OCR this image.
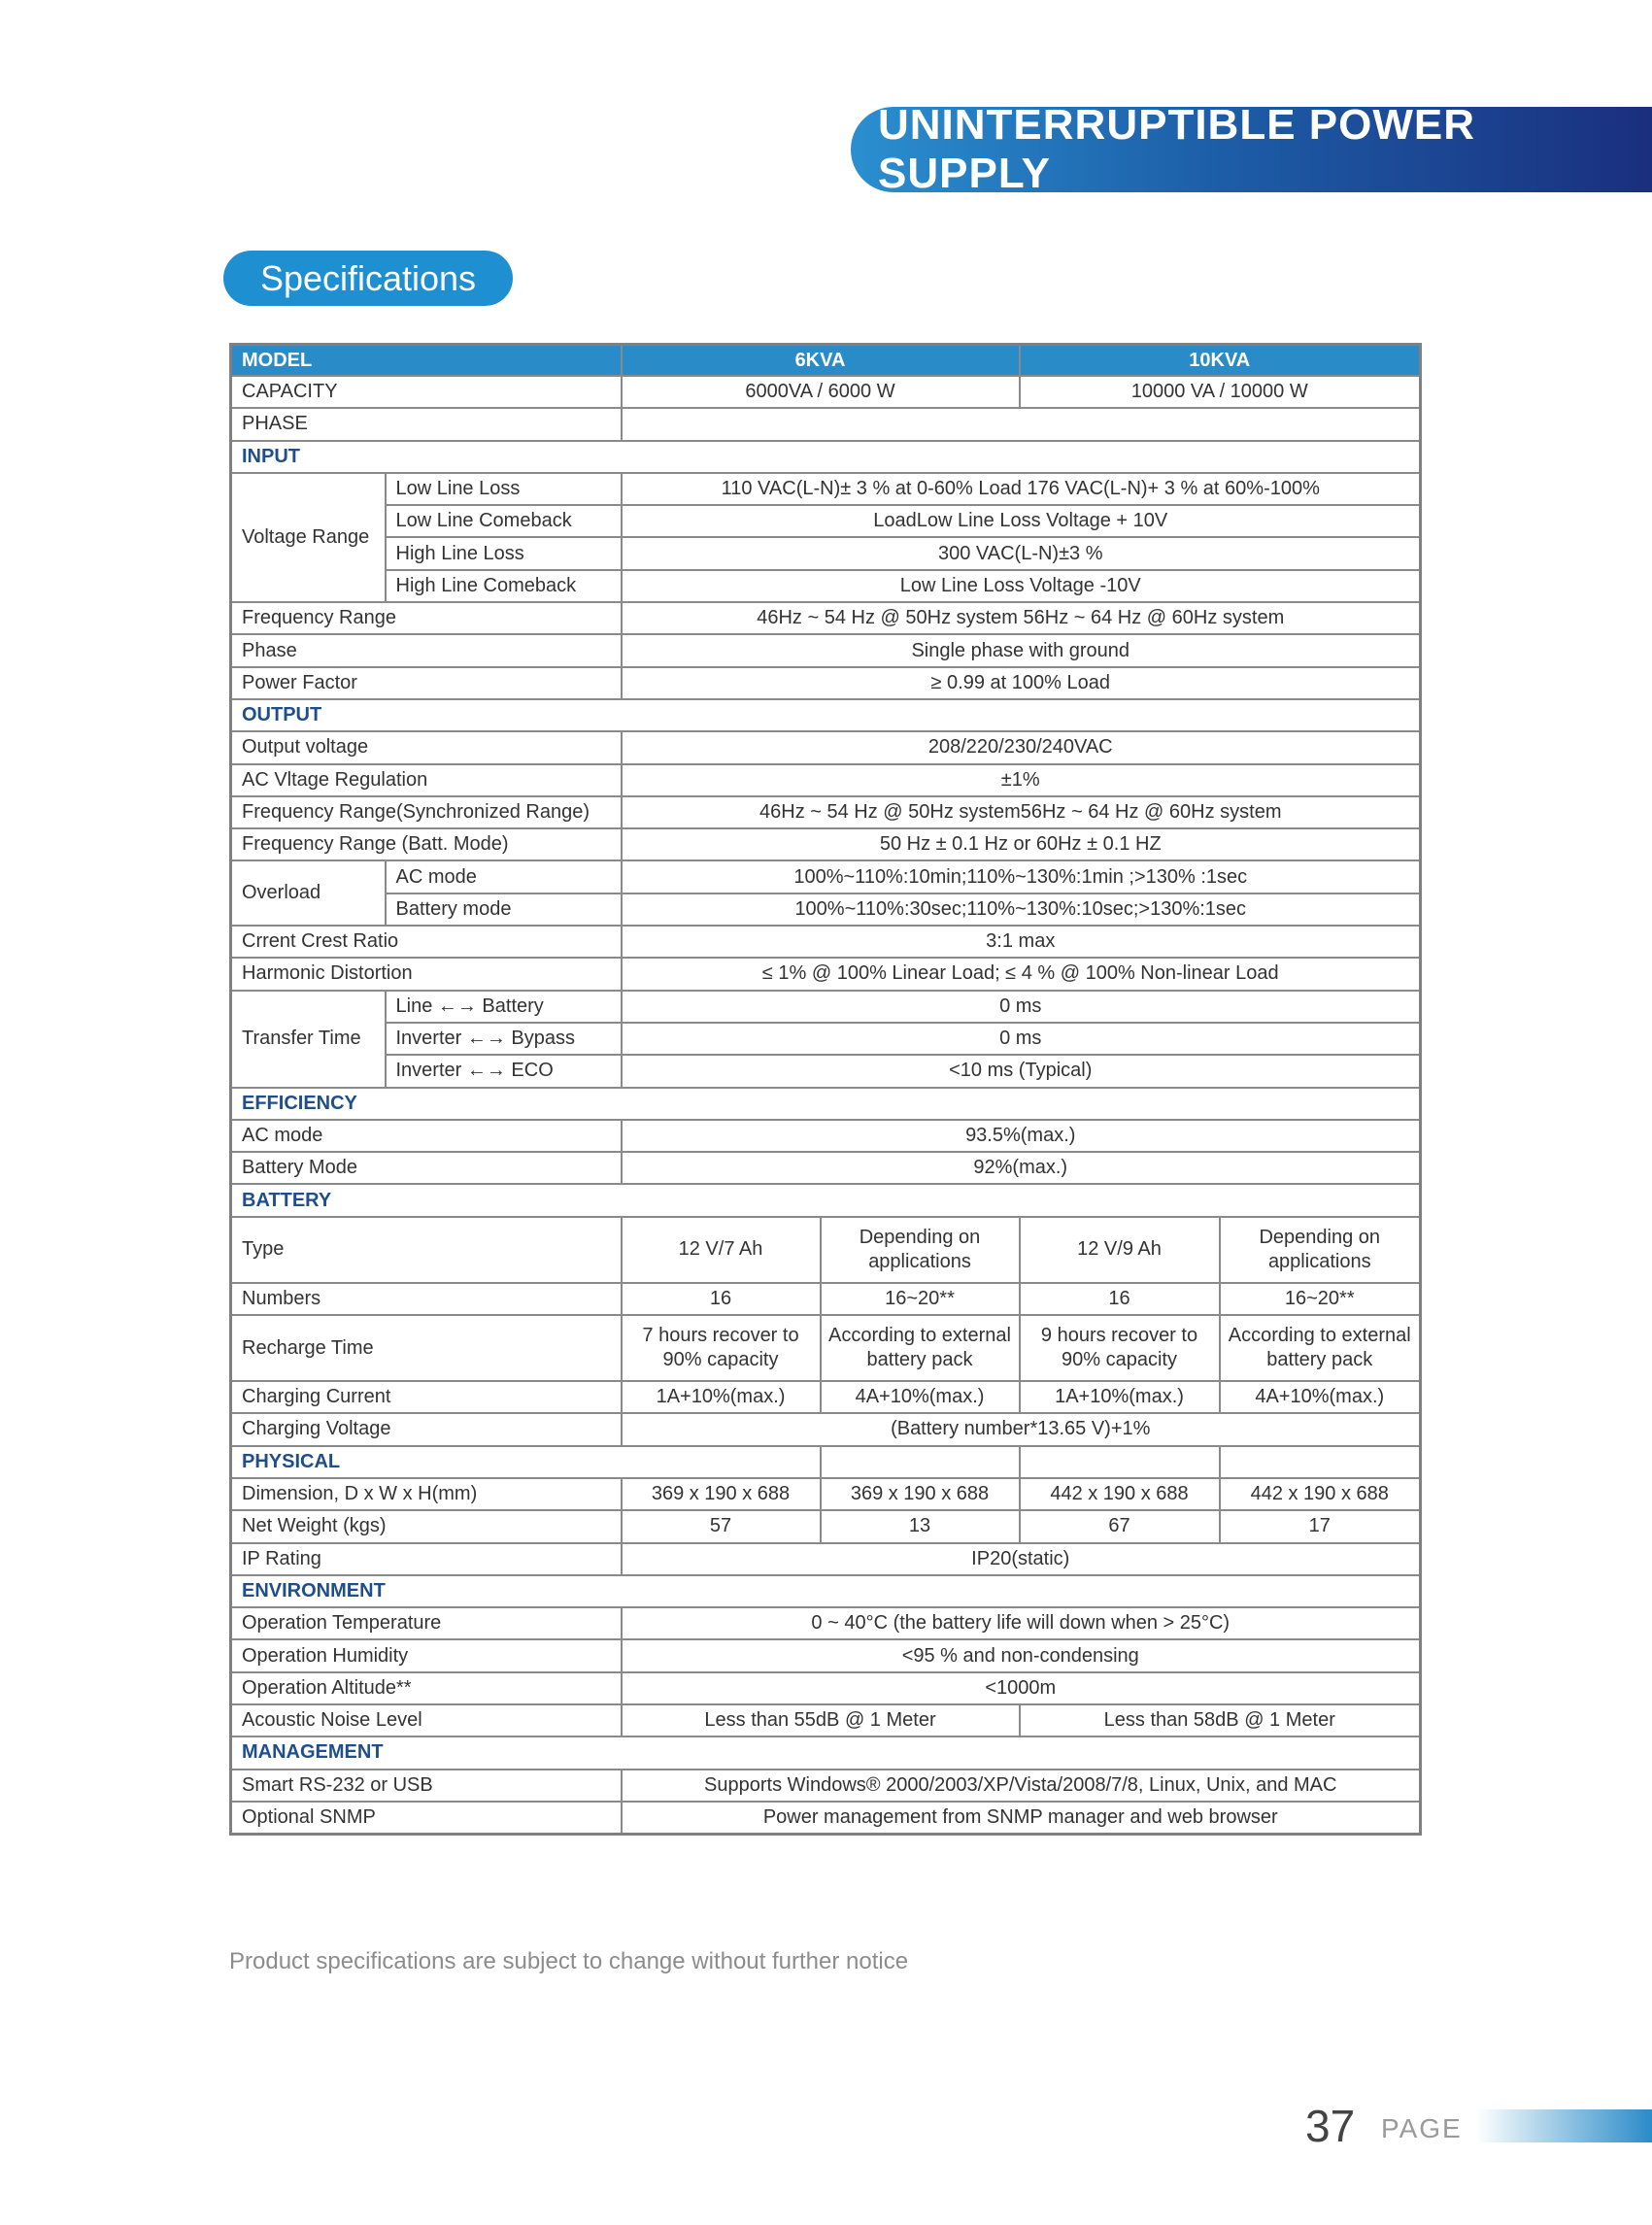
UNINTERRUPTIBLE POWER SUPPLY
Specifications
MODEL		6KVA		10KVA	
CAPACITY		6000VA / 6000 W		10000 VA / 10000 W	
PHASE					
INPUT					
Voltage Range	Low Line Loss	110 VAC(L-N)± 3 % at 0-60% Load 176 VAC(L-N)+ 3 % at 60%-100%			
	Low Line Comeback	LoadLow Line Loss Voltage + 10V			
	High Line Loss	300 VAC(L-N)±3 %			
	High Line Comeback	Low Line Loss Voltage -10V			
Frequency Range		46Hz ~ 54 Hz @ 50Hz system 56Hz ~ 64 Hz @ 60Hz system			
Phase		Single phase with ground			
Power Factor		≥ 0.99 at 100% Load			
OUTPUT					
Output voltage		208/220/230/240VAC			
AC Vltage Regulation		±1%			
Frequency Range(Synchronized Range)		46Hz ~ 54 Hz @ 50Hz system56Hz ~ 64 Hz @ 60Hz system			
Frequency Range (Batt. Mode)		50 Hz ± 0.1 Hz or 60Hz ± 0.1 HZ			
Overload	AC mode	100%~110%:10min;110%~130%:1min ;>130% :1sec			
	Battery mode	100%~110%:30sec;110%~130%:10sec;>130%:1sec			
Crrent Crest Ratio		3:1 max			
Harmonic Distortion		≤ 1% @ 100% Linear Load; ≤ 4 % @ 100% Non-linear Load			
Transfer Time	Line ←→ Battery	0 ms			
	Inverter ←→ Bypass	0 ms			
	Inverter ←→ ECO	<10 ms (Typical)			
EFFICIENCY					
AC mode		93.5%(max.)			
Battery Mode		92%(max.)			
BATTERY					
Type		12 V/7 Ah	Depending on applications	12 V/9 Ah	Depending on applications
Numbers		16	16~20**	16	16~20**
Recharge Time		7 hours recover to 90% capacity	According to external battery pack	9 hours recover to 90% capacity	According to external battery pack
Charging Current		1A+10%(max.)	4A+10%(max.)	1A+10%(max.)	4A+10%(max.)
Charging Voltage		(Battery number*13.65 V)+1%			
PHYSICAL					
Dimension, D x W x H(mm)		369 x 190 x 688	369 x 190 x 688	442 x 190 x 688	442 x 190 x 688
Net Weight (kgs)		57	13	67	17
IP Rating		IP20(static)			
ENVIRONMENT					
Operation Temperature		0 ~ 40°C (the battery life will down when > 25°C)			
Operation Humidity		<95 % and non-condensing			
Operation Altitude**		<1000m			
Acoustic Noise Level		Less than 55dB @ 1 Meter		Less than 58dB @ 1 Meter	
MANAGEMENT					
Smart RS-232 or USB		Supports Windows® 2000/2003/XP/Vista/2008/7/8, Linux, Unix, and MAC			
Optional SNMP		Power management from SNMP manager and web browser			
Product specifications are subject to change without further notice
37 PAGE
